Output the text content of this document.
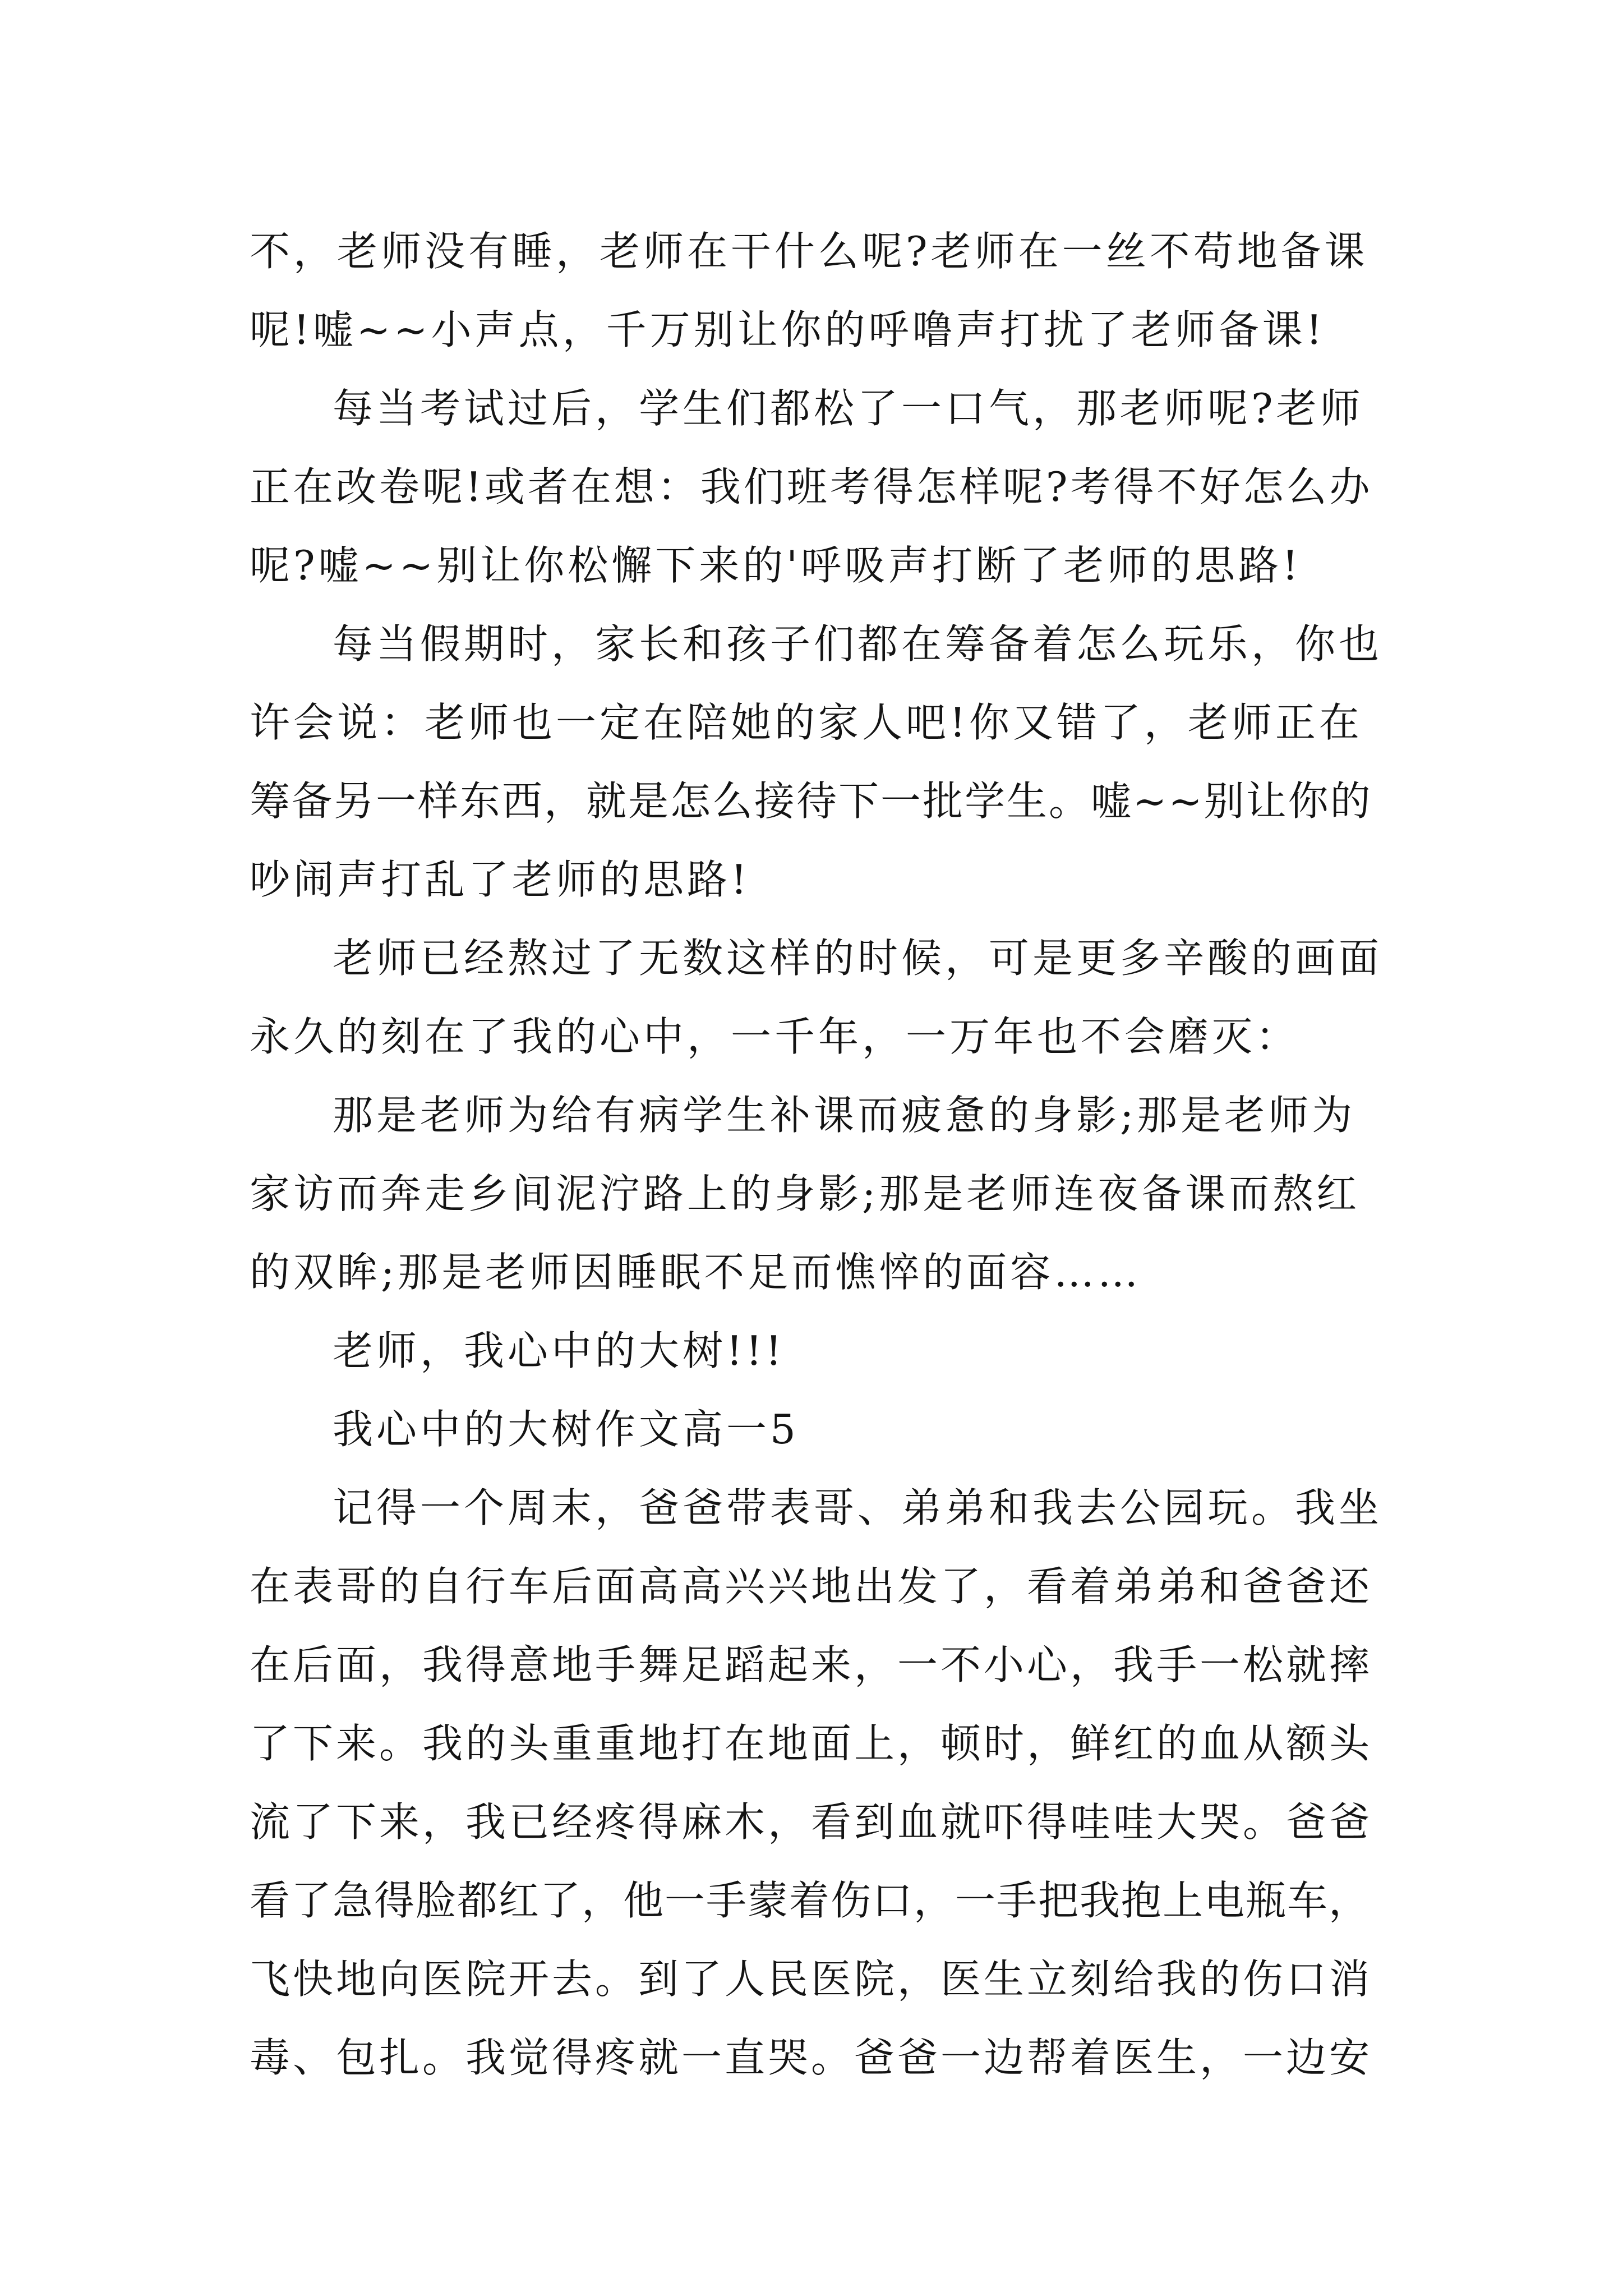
不，老师没有睡，老师在干什么呢?老师在一丝不苟地备课
呢!嘘~~小声点，千万别让你的呼噜声打扰了老师备课!
每当考试过后，学生们都松了一口气，那老师呢?老师
正在改卷呢!或者在想：我们班考得怎样呢?考得不好怎么办
呢?嘘~~别让你松懈下来的'呼吸声打断了老师的思路!
每当假期时，家长和孩子们都在筹备着怎么玩乐，你也
许会说：老师也一定在陪她的家人吧!你又错了，老师正在
筹备另一样东西，就是怎么接待下一批学生。嘘~~别让你的
吵闹声打乱了老师的思路!
老师已经熬过了无数这样的时候，可是更多辛酸的画面
永久的刻在了我的心中，一千年，一万年也不会磨灭：
那是老师为给有病学生补课而疲惫的身影;那是老师为
家访而奔走乡间泥泞路上的身影;那是老师连夜备课而熬红
的双眸;那是老师因睡眠不足而憔悴的面容……
老师，我心中的大树!!!
我心中的大树作文高一5
记得一个周末，爸爸带表哥、弟弟和我去公园玩。我坐
在表哥的自行车后面高高兴兴地出发了，看着弟弟和爸爸还
在后面，我得意地手舞足蹈起来，一不小心，我手一松就摔
了下来。我的头重重地打在地面上，顿时，鲜红的血从额头
流了下来，我已经疼得麻木，看到血就吓得哇哇大哭。爸爸
看了急得脸都红了，他一手蒙着伤口，一手把我抱上电瓶车，
飞快地向医院开去。到了人民医院，医生立刻给我的伤口消
毒、包扎。我觉得疼就一直哭。爸爸一边帮着医生，一边安
